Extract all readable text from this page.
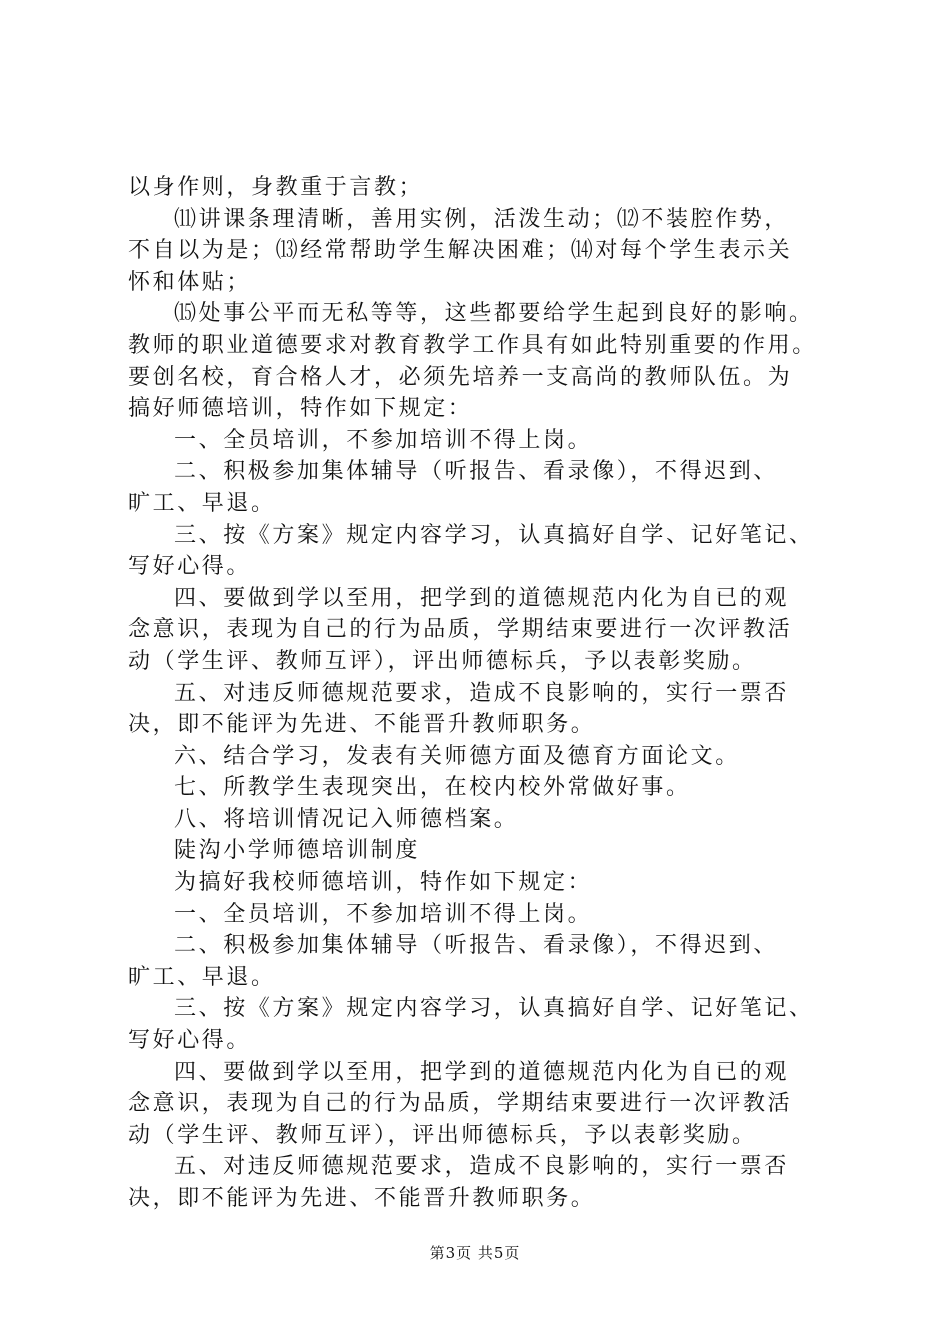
以身作则，身教重于言教；
⑾讲课条理清晰，善用实例，活泼生动；⑿不装腔作势，
不自以为是；⒀经常帮助学生解决困难；⒁对每个学生表示关
怀和体贴；
⒂处事公平而无私等等，这些都要给学生起到良好的影响。
教师的职业道德要求对教育教学工作具有如此特别重要的作用。
要创名校，育合格人才，必须先培养一支高尚的教师队伍。为
搞好师德培训，特作如下规定：
一、全员培训，不参加培训不得上岗。
二、积极参加集体辅导（听报告、看录像），不得迟到、
旷工、早退。
三、按《方案》规定内容学习，认真搞好自学、记好笔记、
写好心得。
四、要做到学以至用，把学到的道德规范内化为自已的观
念意识，表现为自己的行为品质，学期结束要进行一次评教活
动（学生评、教师互评），评出师德标兵，予以表彰奖励。
五、对违反师德规范要求，造成不良影响的，实行一票否
决，即不能评为先进、不能晋升教师职务。
六、结合学习，发表有关师德方面及德育方面论文。
七、所教学生表现突出，在校内校外常做好事。
八、将培训情况记入师德档案。
陡沟小学师德培训制度
为搞好我校师德培训，特作如下规定：
一、全员培训，不参加培训不得上岗。
二、积极参加集体辅导（听报告、看录像），不得迟到、
旷工、早退。
三、按《方案》规定内容学习，认真搞好自学、记好笔记、
写好心得。
四、要做到学以至用，把学到的道德规范内化为自已的观
念意识，表现为自己的行为品质，学期结束要进行一次评教活
动（学生评、教师互评），评出师德标兵，予以表彰奖励。
五、对违反师德规范要求，造成不良影响的，实行一票否
决，即不能评为先进、不能晋升教师职务。
第3页 共5页
